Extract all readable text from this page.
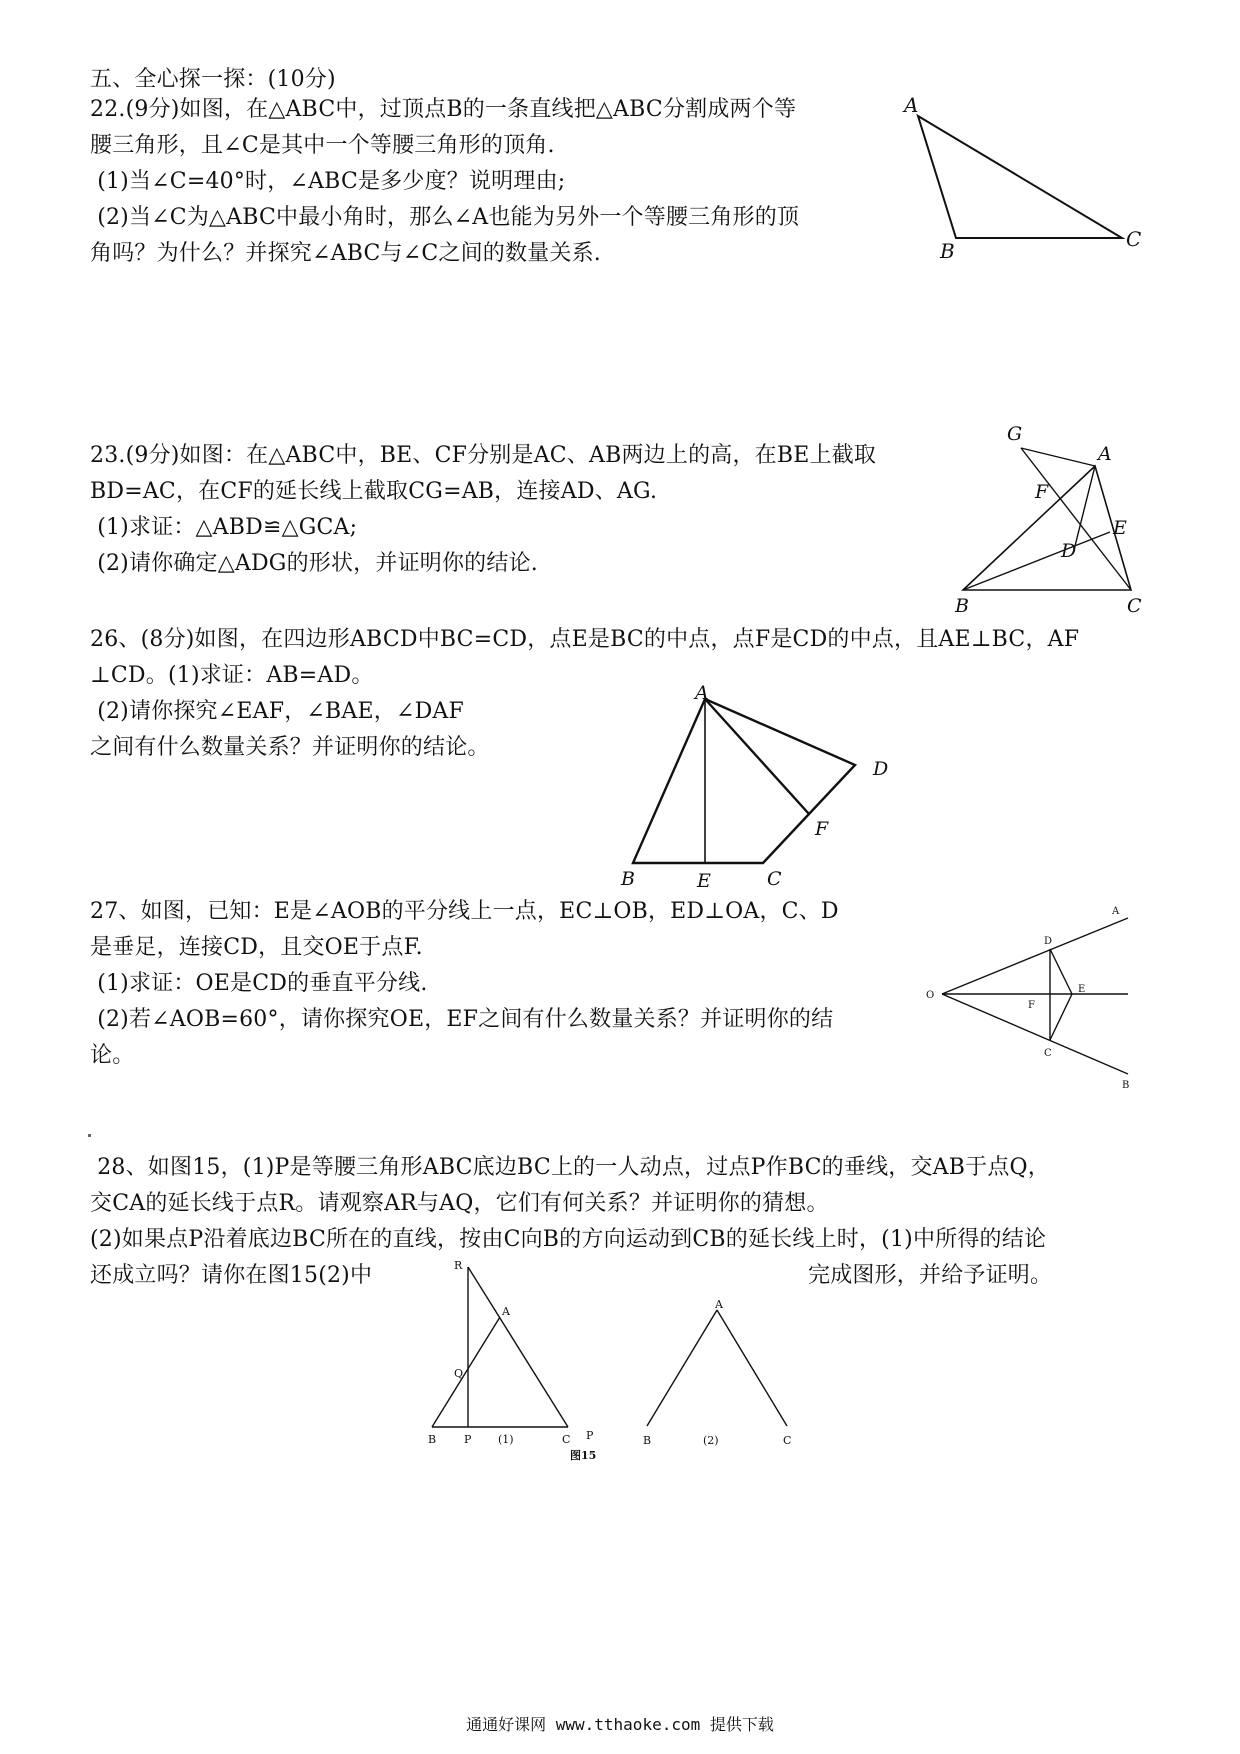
五、全心探一探：(10分)
22.(9分)如图，在△ABC中，过顶点B的一条直线把△ABC分割成两个等
腰三角形，且∠C是其中一个等腰三角形的顶角.
(1)当∠C=40°时，∠ABC是多少度？说明理由;
(2)当∠C为△ABC中最小角时，那么∠A也能为另外一个等腰三角形的顶
角吗？为什么？并探究∠ABC与∠C之间的数量关系.
A
B	C
23.(9分)如图：在△ABC中，BE、CF分别是AC、AB两边上的高，在BE上截取
BD=AC，在CF的延长线上截取CG=AB，连接AD、AG.
(1)求证：△ABD≌△GCA;
(2)请你确定△ADG的形状，并证明你的结论.
G
A
F
E
D
B	C
26、(8分)如图，在四边形ABCD中BC=CD，点E是BC的中点，点F是CD的中点，且AE⊥BC，AF
⊥CD。(1)求证：AB=AD。
(2)请你探究∠EAF，∠BAE，∠DAF
之间有什么数量关系？并证明你的结论。
A
B	E	C
F
D
27、如图，已知：E是∠AOB的平分线上一点，EC⊥OB，ED⊥OA，C、D
是垂足，连接CD，且交OE于点F.
(1)求证：OE是CD的垂直平分线.
(2)若∠AOB=60°，请你探究OE，EF之间有什么数量关系？并证明你的结
论。
A
O
D
E
F
C
B
28、如图15，(1)P是等腰三角形ABC底边BC上的一人动点，过点P作BC的垂线，交AB于点Q，
交CA的延长线于点R。请观察AR与AQ，它们有何关系？并证明你的猜想。
(2)如果点P沿着底边BC所在的直线，按由C向B的方向运动到CB的延长线上时，(1)中所得的结论
还成立吗？请你在图15(2)中	完成图形，并给予证明。
R
A
Q
B	P (1)	C P
图15
A
B	(2)	C
通通好课网 www.tthaoke.com 提供下载
